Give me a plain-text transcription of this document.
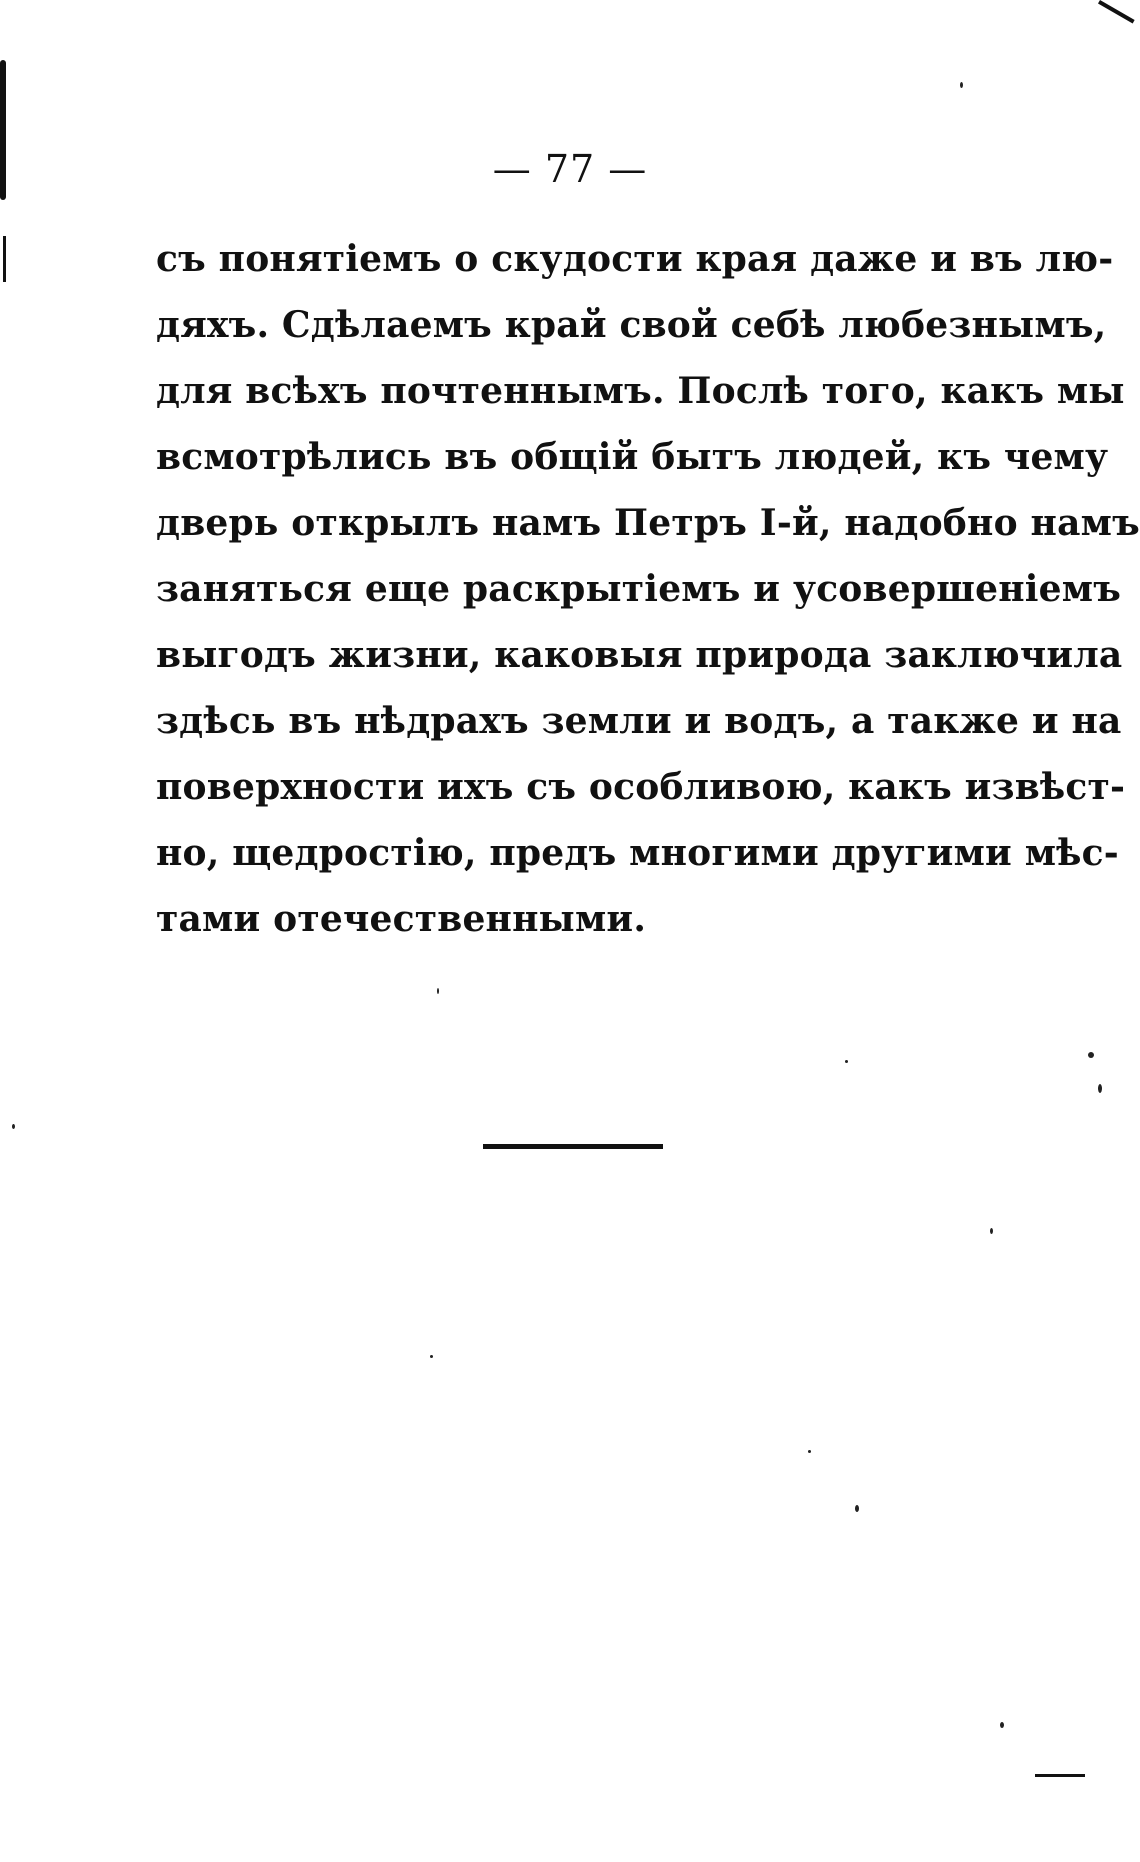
— 77 —
съ понятіемъ о скудости края даже и въ лю-
дяхъ. Сдѣлаемъ край свой себѣ любезнымъ,
для всѣхъ почтеннымъ. Послѣ того, какъ мы
всмотрѣлись въ общій бытъ людей, къ чему
дверь открылъ намъ Петръ I-й, надобно намъ
заняться еще раскрытіемъ и усовершеніемъ
выгодъ жизни, каковыя природа заключила
здѣсь въ нѣдрахъ земли и водъ, а также и на
поверхности ихъ съ особливою, какъ извѣст-
но, щедростію, предъ многими другими мѣс-
тами отечественными.
